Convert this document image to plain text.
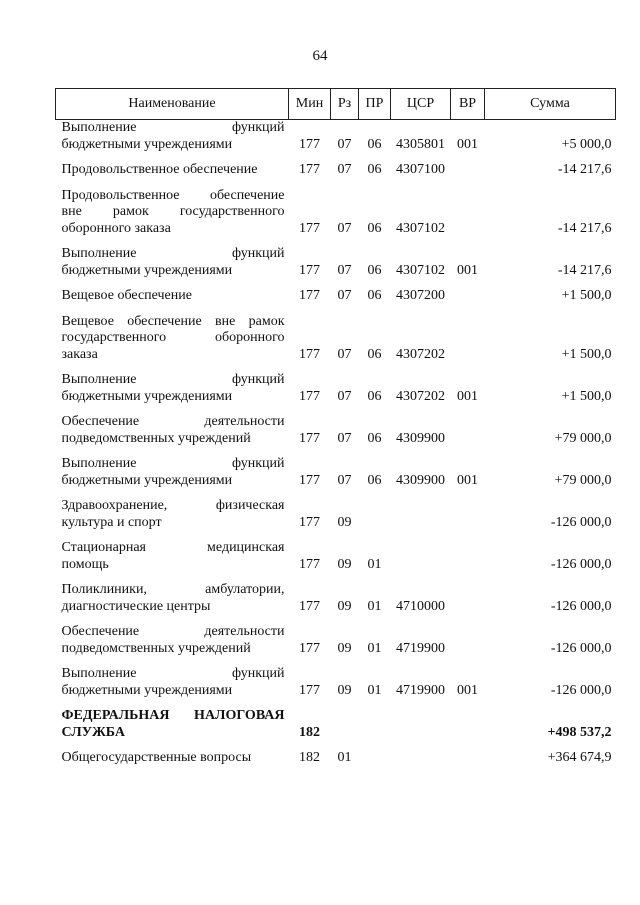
64
Наименование	Мин	Рз	ПР	ЦСР	ВР	Сумма

Выполнение функций
бюджетными учреждениями	177	07	06	4305801	001	+5 000,0

Продовольственное обеспечение	177	07	06	4307100		-14 217,6

Продовольственное обеспечение
вне рамок государственного
оборонного заказа	177	07	06	4307102		-14 217,6

Выполнение функций
бюджетными учреждениями	177	07	06	4307102	001	-14 217,6

Вещевое обеспечение	177	07	06	4307200		+1 500,0

Вещевое обеспечение вне рамок
государственного оборонного
заказа	177	07	06	4307202		+1 500,0

Выполнение функций
бюджетными учреждениями	177	07	06	4307202	001	+1 500,0

Обеспечение деятельности
подведомственных учреждений	177	07	06	4309900		+79 000,0

Выполнение функций
бюджетными учреждениями	177	07	06	4309900	001	+79 000,0

Здравоохранение, физическая
культура и спорт	177	09				-126 000,0

Стационарная медицинская
помощь	177	09	01			-126 000,0

Поликлиники, амбулатории,
диагностические центры	177	09	01	4710000		-126 000,0

Обеспечение деятельности
подведомственных учреждений	177	09	01	4719900		-126 000,0

Выполнение функций
бюджетными учреждениями	177	09	01	4719900	001	-126 000,0

ФЕДЕРАЛЬНАЯ НАЛОГОВАЯ
СЛУЖБА	182					+498 537,2

Общегосударственные вопросы	182	01				+364 674,9
